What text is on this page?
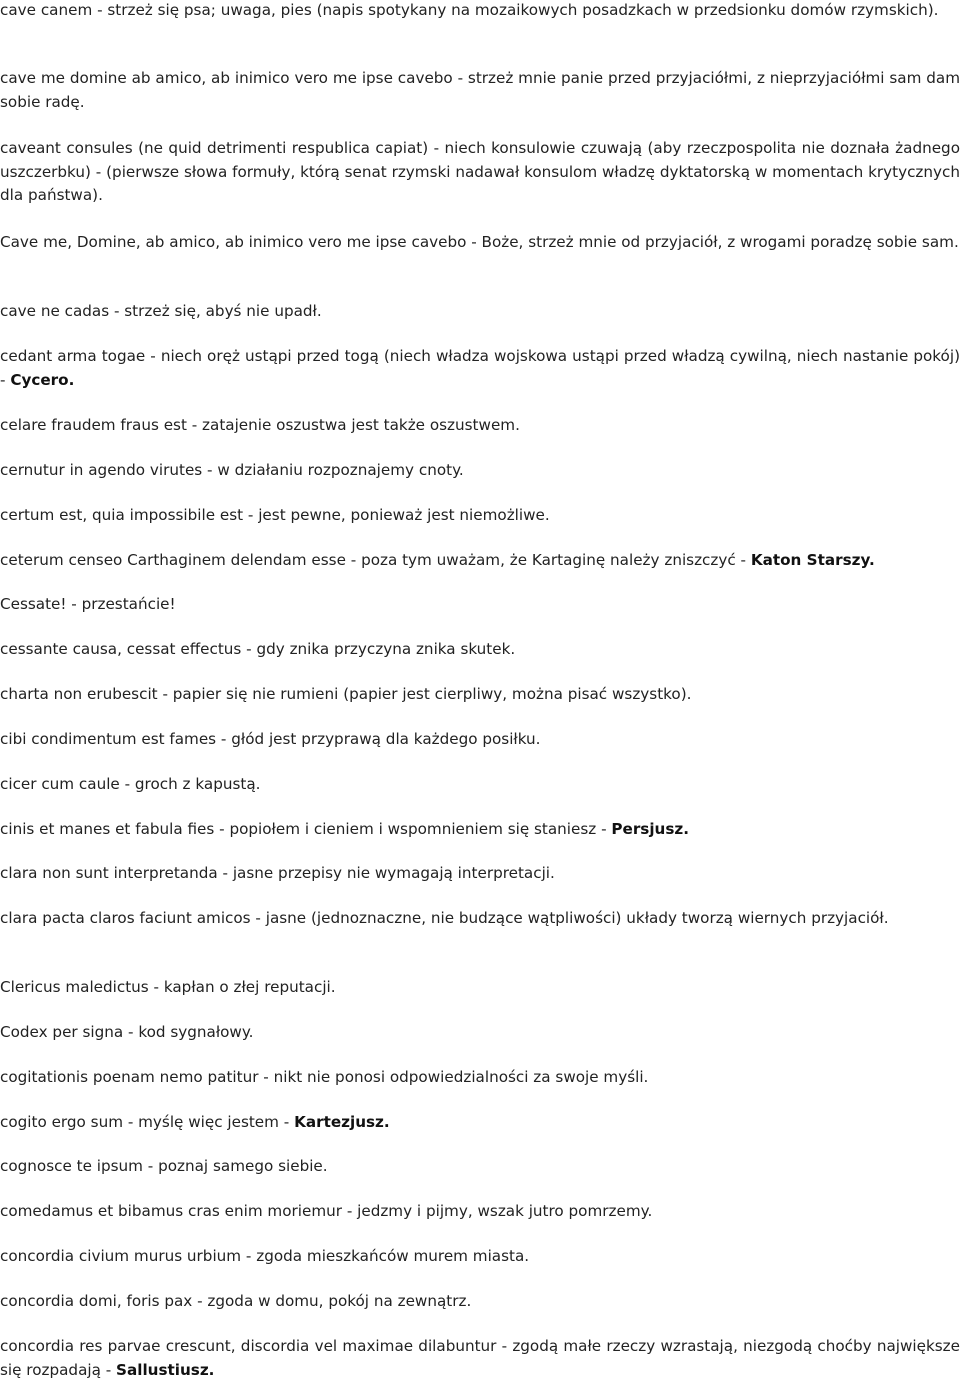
cave canem - strzeż się psa; uwaga, pies (napis spotykany na mozaikowych posadzkach w przedsionku domów rzymskich).

cave me domine ab amico, ab inimico vero me ipse cavebo - strzeż mnie panie przed przyjaciółmi, z nieprzyjaciółmi sam dam sobie radę.

caveant consules (ne quid detrimenti respublica capiat) - niech konsulowie czuwają (aby rzeczpospolita nie doznała żadnego uszczerbku) - (pierwsze słowa formuły, którą senat rzymski nadawał konsulom władzę dyktatorską w momentach krytycznych dla państwa).

Cave me, Domine, ab amico, ab inimico vero me ipse cavebo - Boże, strzeż mnie od przyjaciół, z wrogami poradzę sobie sam.

cave ne cadas - strzeż się, abyś nie upadł.

cedant arma togae - niech oręż ustąpi przed togą (niech władza wojskowa ustąpi przed władzą cywilną, niech nastanie pokój) - Cycero.

celare fraudem fraus est - zatajenie oszustwa jest także oszustwem.

cernutur in agendo virutes - w działaniu rozpoznajemy cnoty.

certum est, quia impossibile est - jest pewne, ponieważ jest niemożliwe.

ceterum censeo Carthaginem delendam esse - poza tym uważam, że Kartaginę należy zniszczyć - Katon Starszy.

Cessate! - przestańcie!

cessante causa, cessat effectus - gdy znika przyczyna znika skutek.

charta non erubescit - papier się nie rumieni (papier jest cierpliwy, można pisać wszystko).

cibi condimentum est fames - głód jest przyprawą dla każdego posiłku.

cicer cum caule - groch z kapustą.

cinis et manes et fabula fies - popiołem i cieniem i wspomnieniem się staniesz - Persjusz.

clara non sunt interpretanda - jasne przepisy nie wymagają interpretacji.

clara pacta claros faciunt amicos - jasne (jednoznaczne, nie budzące wątpliwości) układy tworzą wiernych przyjaciół.

Clericus maledictus - kapłan o złej reputacji.

Codex per signa - kod sygnałowy.

cogitationis poenam nemo patitur - nikt nie ponosi odpowiedzialności za swoje myśli.

cogito ergo sum - myślę więc jestem - Kartezjusz.

cognosce te ipsum - poznaj samego siebie.

comedamus et bibamus cras enim moriemur - jedzmy i pijmy, wszak jutro pomrzemy.

concordia civium murus urbium - zgoda mieszkańców murem miasta.

concordia domi, foris pax - zgoda w domu, pokój na zewnątrz.

concordia res parvae crescunt, discordia vel maximae dilabuntur - zgodą małe rzeczy wzrastają, niezgodą choćby największe się rozpadają - Sallustiusz.
